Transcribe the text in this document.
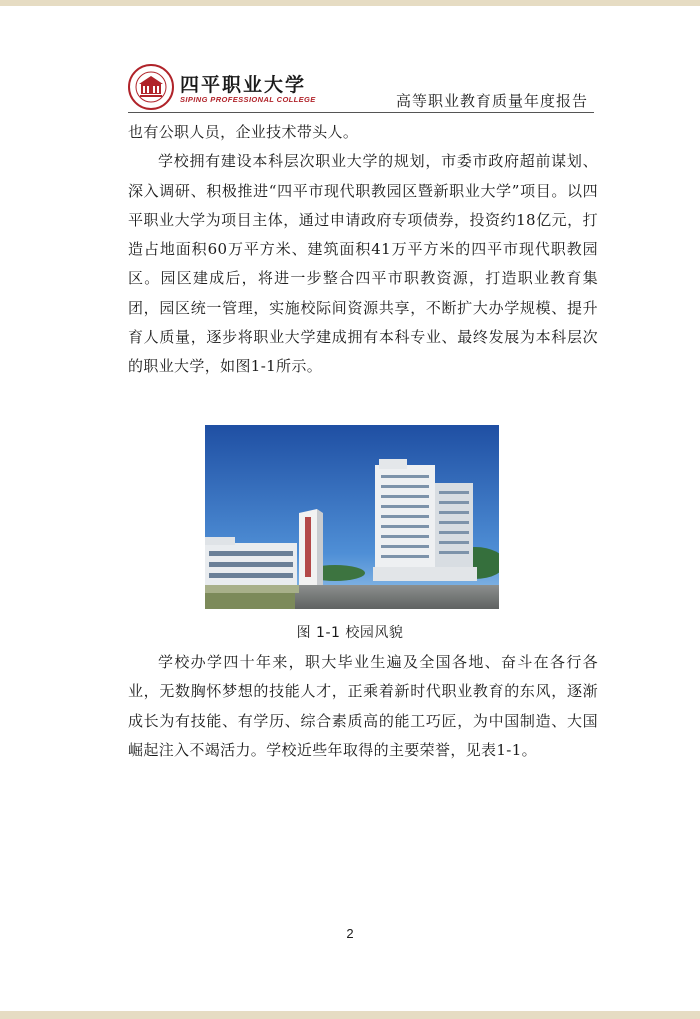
四平职业大学
SIPING PROFESSIONAL COLLEGE	高等职业教育质量年度报告

也有公职人员，企业技术带头人。

学校拥有建设本科层次职业大学的规划，市委市政府超前谋划、深入调研、积极推进“四平市现代职教园区暨新职业大学”项目。以四平职业大学为项目主体，通过申请政府专项债券，投资约18亿元，打造占地面积60万平方米、建筑面积41万平方米的四平市现代职教园区。园区建成后，将进一步整合四平市职教资源，打造职业教育集团，园区统一管理，实施校际间资源共享，不断扩大办学规模、提升育人质量，逐步将职业大学建成拥有本科专业、最终发展为本科层次的职业大学，如图1-1所示。

图 1-1 校园风貌

学校办学四十年来，职大毕业生遍及全国各地、奋斗在各行各业，无数胸怀梦想的技能人才，正乘着新时代职业教育的东风，逐渐成长为有技能、有学历、综合素质高的能工巧匠，为中国制造、大国崛起注入不竭活力。学校近些年取得的主要荣誉，见表1-1。

2
